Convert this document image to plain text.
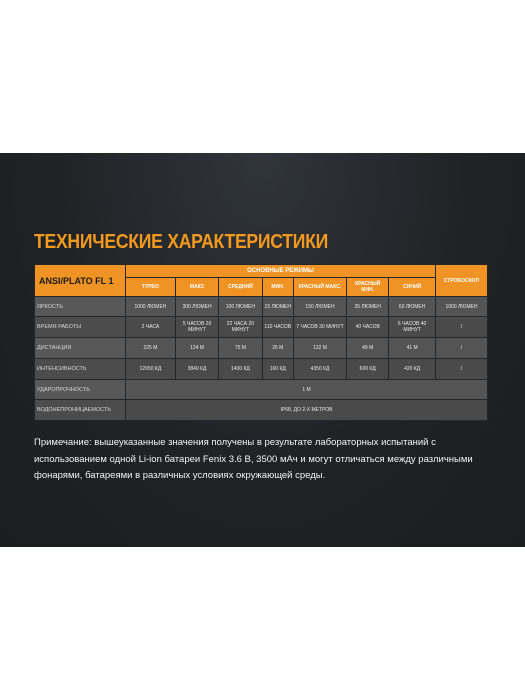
ТЕХНИЧЕСКИЕ ХАРАКТЕРИСТИКИ
ANSI/PLATO FL 1	ОСНОВНЫЕ РЕЖИМЫ							СТРОБОСКОП
	ТУРБО	МАКС	СРЕДНИЙ	МИН.	КРАСНЫЙ МАКС.	КРАСНЫЙ МИН.	СИНИЙ	
ЯРКОСТЬ	1000 ЛЮМЕН	300 ЛЮМЕН	100 ЛЮМЕН	15 ЛЮМЕН	150 ЛЮМЕН	25 ЛЮМЕН	60 ЛЮМЕН	1000 ЛЮМЕН
ВРЕМЯ РАБОТЫ	2 ЧАСА	5 ЧАСОВ 20 МИНУТ	22 ЧАСА 20 МИНУТ	110 ЧАСОВ	7 ЧАСОВ 30 МИНУТ	40 ЧАСОВ	6 ЧАСОВ 40 МИНУТ	/
ДИСТАНЦИЯ	225 М	124 М	75 М	25 М	132 М	49 М	41 М	/
ИНТЕНСИВНОСТЬ	12650 КД	3840 КД	1400 КД	160 КД	4350 КД	600 КД	420 КД	/
УДАРОПРОЧНОСТЬ	1 М							
ВОДОНЕПРОНИЦАЕМОСТЬ	IP68, ДО 2-Х МЕТРОВ							

Примечание: вышеуказанные значения получены в результате лабораторных испытаний с использованием одной Li-ion батареи Fenix 3.6 В, 3500 мАч и могут отличаться между различными фонарями, батареями в различных условиях окружающей среды.
